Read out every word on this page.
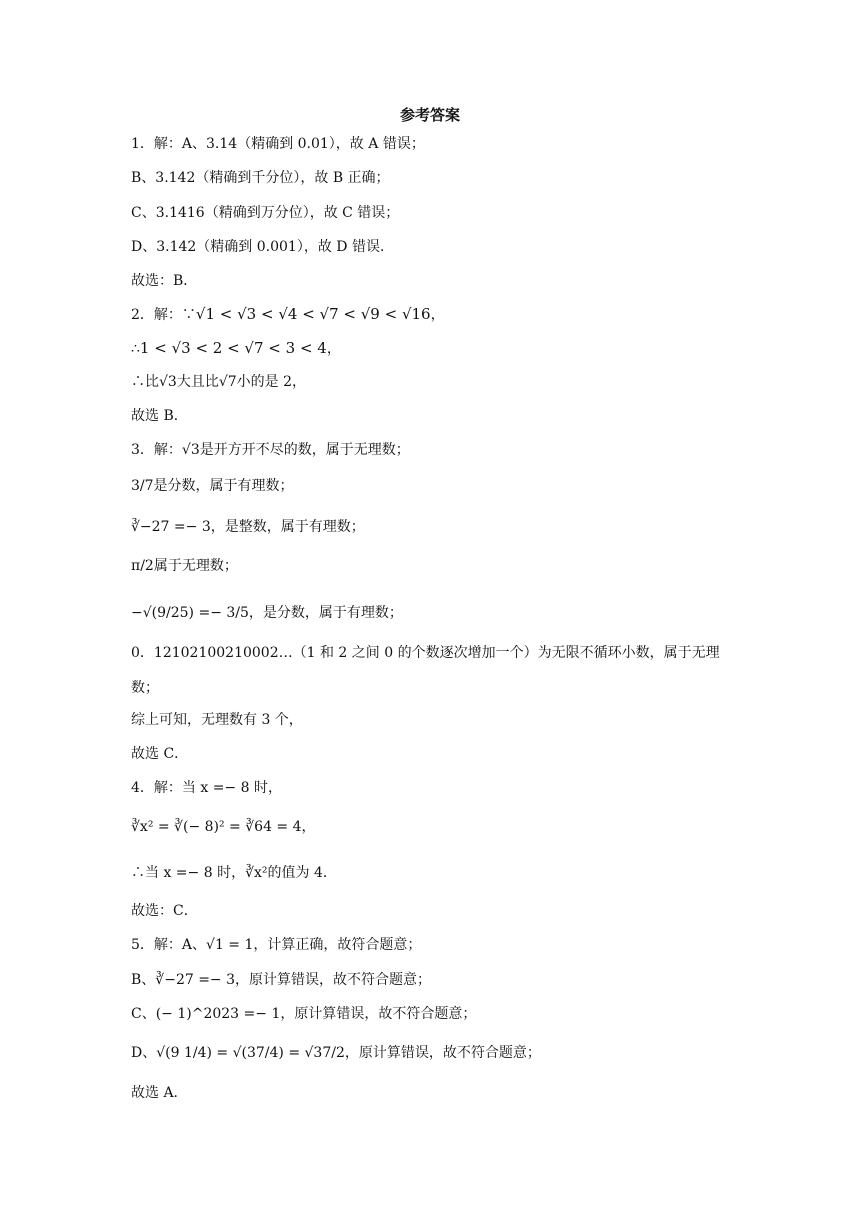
参考答案
1．解：A、3.14（精确到 0.01），故 A 错误；
B、3.142（精确到千分位），故 B 正确；
C、3.1416（精确到万分位），故 C 错误；
D、3.142（精确到 0.001），故 D 错误．
故选：B．
2．解：∵√1 < √3 < √4 < √7 < √9 < √16，
∴1 < √3 < 2 < √7 < 3 < 4，
∴比√3大且比√7小的是 2，
故选 B．
3．解：√3是开方开不尽的数，属于无理数；
3/7是分数，属于有理数；
∛−27 =− 3，是整数，属于有理数；
π/2属于无理数；
−√(9/25) =− 3/5，是分数，属于有理数；
0．12102100210002…（1 和 2 之间 0 的个数逐次增加一个）为无限不循环小数，属于无理
数；
综上可知，无理数有 3 个，
故选 C．
4．解：当 x =− 8 时，
∛x² = ∛(− 8)² = ∛64 = 4，
∴当 x =− 8 时，∛x²的值为 4．
故选：C．
5．解：A、√1 = 1，计算正确，故符合题意；
B、∛−27 =− 3，原计算错误，故不符合题意；
C、(− 1)^2023 =− 1，原计算错误，故不符合题意；
D、√(9 1/4) = √(37/4) = √37/2，原计算错误，故不符合题意；
故选 A．
